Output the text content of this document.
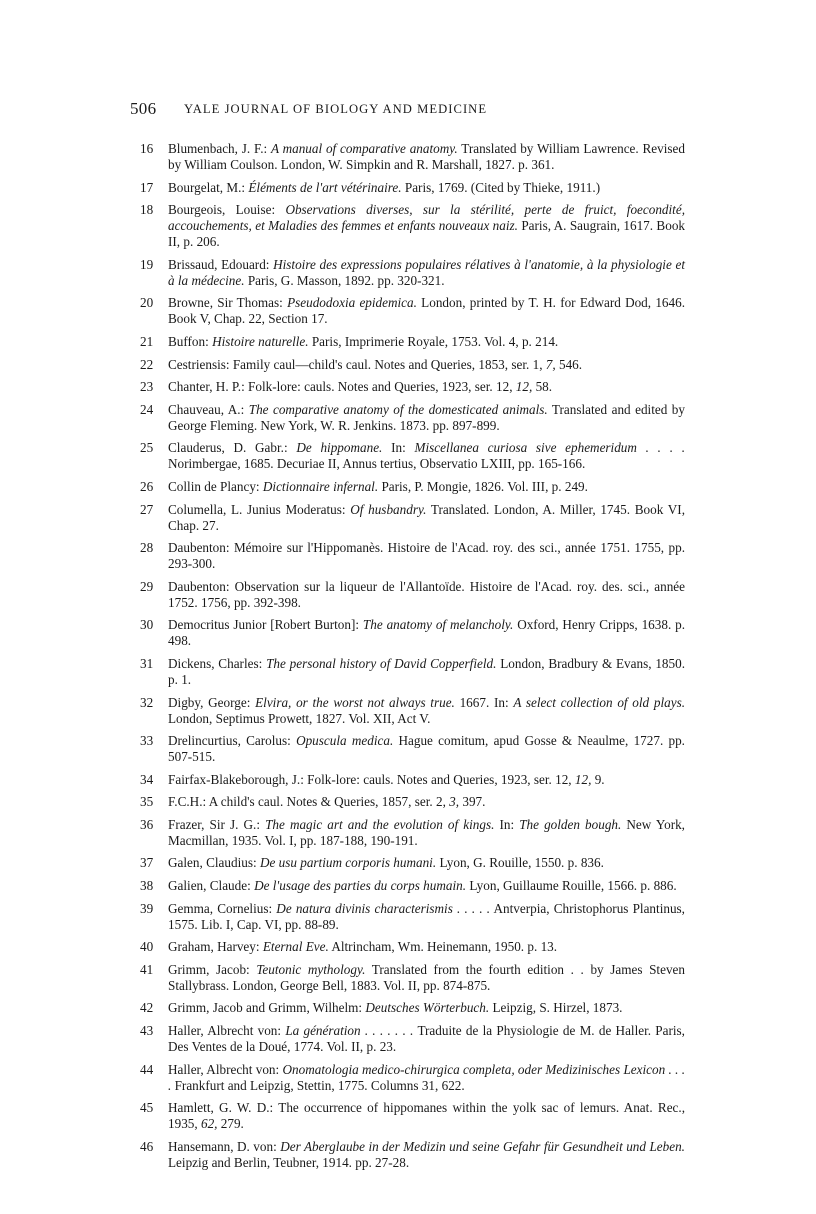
506 YALE JOURNAL OF BIOLOGY AND MEDICINE
16 Blumenbach, J. F.: A manual of comparative anatomy. Translated by William Lawrence. Revised by William Coulson. London, W. Simpkin and R. Marshall, 1827. p. 361.
17 Bourgelat, M.: Éléments de l'art vétérinaire. Paris, 1769. (Cited by Thieke, 1911.)
18 Bourgeois, Louise: Observations diverses, sur la stérilité, perte de fruict, foecondité, accouchements, et Maladies des femmes et enfants nouveaux naiz. Paris, A. Saugrain, 1617. Book II, p. 206.
19 Brissaud, Edouard: Histoire des expressions populaires rélatives à l'anatomie, à la physiologie et à la médecine. Paris, G. Masson, 1892. pp. 320-321.
20 Browne, Sir Thomas: Pseudodoxia epidemica. London, printed by T. H. for Edward Dod, 1646. Book V, Chap. 22, Section 17.
21 Buffon: Histoire naturelle. Paris, Imprimerie Royale, 1753. Vol. 4, p. 214.
22 Cestriensis: Family caul—child's caul. Notes and Queries, 1853, ser. 1, 7, 546.
23 Chanter, H. P.: Folk-lore: cauls. Notes and Queries, 1923, ser. 12, 12, 58.
24 Chauveau, A.: The comparative anatomy of the domesticated animals. Translated and edited by George Fleming. New York, W. R. Jenkins. 1873. pp. 897-899.
25 Clauderus, D. Gabr.: De hippomane. In: Miscellanea curiosa sive ephemeridum . . . . Norimbergae, 1685. Decuriae II, Annus tertius, Observatio LXIII, pp. 165-166.
26 Collin de Plancy: Dictionnaire infernal. Paris, P. Mongie, 1826. Vol. III, p. 249.
27 Columella, L. Junius Moderatus: Of husbandry. Translated. London, A. Miller, 1745. Book VI, Chap. 27.
28 Daubenton: Mémoire sur l'Hippomanès. Histoire de l'Acad. roy. des sci., année 1751. 1755, pp. 293-300.
29 Daubenton: Observation sur la liqueur de l'Allantoïde. Histoire de l'Acad. roy. des. sci., année 1752. 1756, pp. 392-398.
30 Democritus Junior [Robert Burton]: The anatomy of melancholy. Oxford, Henry Cripps, 1638. p. 498.
31 Dickens, Charles: The personal history of David Copperfield. London, Bradbury & Evans, 1850. p. 1.
32 Digby, George: Elvira, or the worst not always true. 1667. In: A select collection of old plays. London, Septimus Prowett, 1827. Vol. XII, Act V.
33 Drelincurtius, Carolus: Opuscula medica. Hague comitum, apud Gosse & Neaulme, 1727. pp. 507-515.
34 Fairfax-Blakeborough, J.: Folk-lore: cauls. Notes and Queries, 1923, ser. 12, 12, 9.
35 F.C.H.: A child's caul. Notes & Queries, 1857, ser. 2, 3, 397.
36 Frazer, Sir J. G.: The magic art and the evolution of kings. In: The golden bough. New York, Macmillan, 1935. Vol. I, pp. 187-188, 190-191.
37 Galen, Claudius: De usu partium corporis humani. Lyon, G. Rouille, 1550. p. 836.
38 Galien, Claude: De l'usage des parties du corps humain. Lyon, Guillaume Rouille, 1566. p. 886.
39 Gemma, Cornelius: De natura divinis characterismis . . . . . Antverpia, Christophorus Plantinus, 1575. Lib. I, Cap. VI, pp. 88-89.
40 Graham, Harvey: Eternal Eve. Altrincham, Wm. Heinemann, 1950. p. 13.
41 Grimm, Jacob: Teutonic mythology. Translated from the fourth edition . . by James Steven Stallybrass. London, George Bell, 1883. Vol. II, pp. 874-875.
42 Grimm, Jacob and Grimm, Wilhelm: Deutsches Wörterbuch. Leipzig, S. Hirzel, 1873.
43 Haller, Albrecht von: La génération . . . . . . . Traduite de la Physiologie de M. de Haller. Paris, Des Ventes de la Doué, 1774. Vol. II, p. 23.
44 Haller, Albrecht von: Onomatologia medico-chirurgica completa, oder Medizinisches Lexicon . . . . Frankfurt and Leipzig, Stettin, 1775. Columns 31, 622.
45 Hamlett, G. W. D.: The occurrence of hippomanes within the yolk sac of lemurs. Anat. Rec., 1935, 62, 279.
46 Hansemann, D. von: Der Aberglaube in der Medizin und seine Gefahr für Gesundheit und Leben. Leipzig and Berlin, Teubner, 1914. pp. 27-28.
